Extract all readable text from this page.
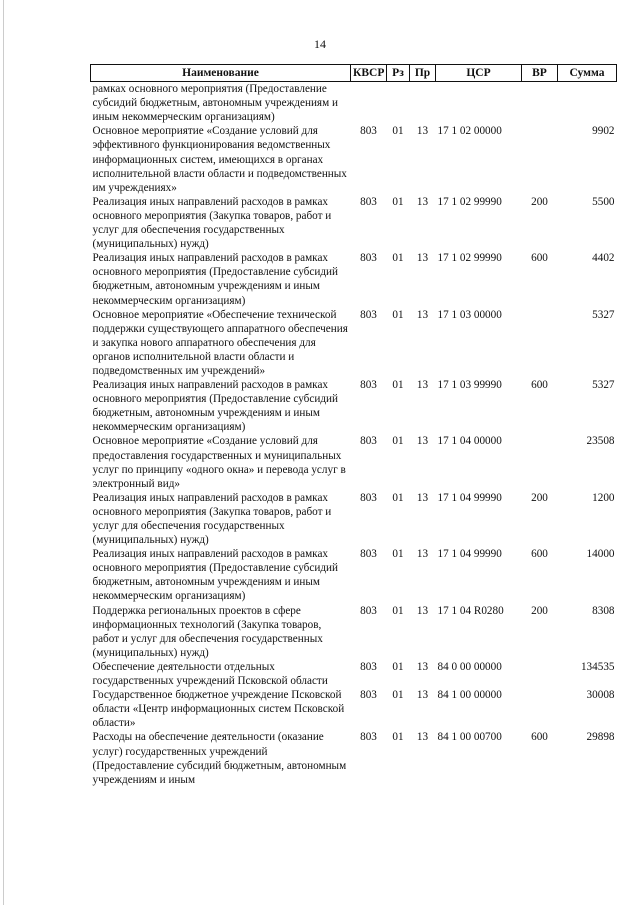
14
Наименование	КВСР	Рз	Пр	ЦСР	ВР	Сумма
рамках основного мероприятия (Предоставление субсидий бюджетным, автономным учреждениям и иным некоммерческим организациям)						
Основное мероприятие «Создание условий для эффективного функционирования ведомственных информационных систем, имеющихся в органах исполнительной власти области и подведомственных им учреждениях»	803	01	13	17 1 02 00000		9902
Реализация иных направлений расходов в рамках основного мероприятия (Закупка товаров, работ и услуг для обеспечения государственных (муниципальных) нужд)	803	01	13	17 1 02 99990	200	5500
Реализация иных направлений расходов в рамках основного мероприятия (Предоставление субсидий бюджетным, автономным учреждениям и иным некоммерческим организациям)	803	01	13	17 1 02 99990	600	4402
Основное мероприятие «Обеспечение технической поддержки существующего аппаратного обеспечения и закупка нового аппаратного обеспечения для органов исполнительной власти области и подведомственных им учреждений»	803	01	13	17 1 03 00000		5327
Реализация иных направлений расходов в рамках основного мероприятия (Предоставление субсидий бюджетным, автономным учреждениям и иным некоммерческим организациям)	803	01	13	17 1 03 99990	600	5327
Основное мероприятие «Создание условий для предоставления государственных и муниципальных услуг по принципу «одного окна» и перевода услуг в электронный вид»	803	01	13	17 1 04 00000		23508
Реализация иных направлений расходов в рамках основного мероприятия (Закупка товаров, работ и услуг для обеспечения государственных (муниципальных) нужд)	803	01	13	17 1 04 99990	200	1200
Реализация иных направлений расходов в рамках основного мероприятия (Предоставление субсидий бюджетным, автономным учреждениям и иным некоммерческим организациям)	803	01	13	17 1 04 99990	600	14000
Поддержка региональных проектов в сфере информационных технологий (Закупка товаров, работ и услуг для обеспечения государственных (муниципальных) нужд)	803	01	13	17 1 04 R0280	200	8308
Обеспечение деятельности отдельных государственных учреждений Псковской области	803	01	13	84 0 00 00000		134535
Государственное бюджетное учреждение Псковской области «Центр информационных систем Псковской области»	803	01	13	84 1 00 00000		30008
Расходы на обеспечение деятельности (оказание услуг) государственных учреждений (Предоставление субсидий бюджетным, автономным учреждениям и иным	803	01	13	84 1 00 00700	600	29898
